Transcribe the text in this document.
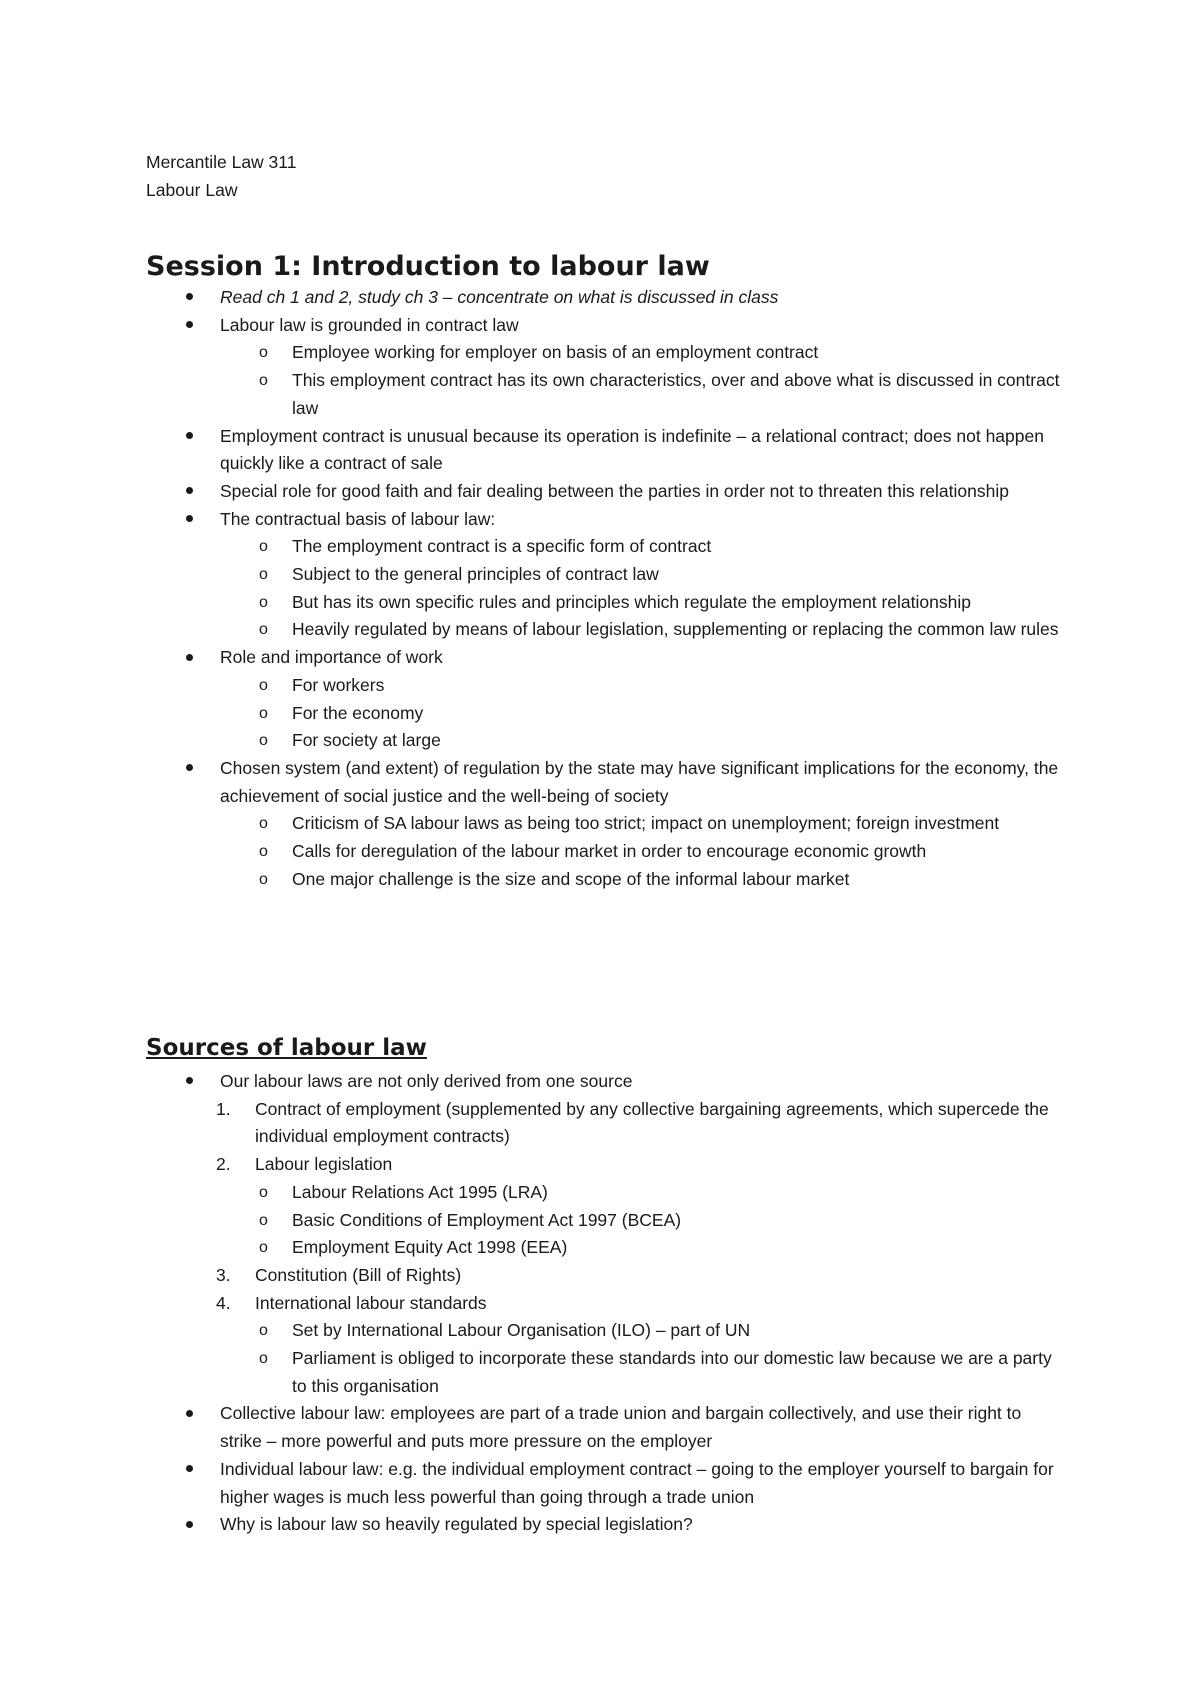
Mercantile Law 311
Labour Law
Session 1: Introduction to labour law
Read ch 1 and 2, study ch 3 – concentrate on what is discussed in class
Labour law is grounded in contract law
o Employee working for employer on basis of an employment contract
o This employment contract has its own characteristics, over and above what is discussed in contract law
Employment contract is unusual because its operation is indefinite – a relational contract; does not happen quickly like a contract of sale
Special role for good faith and fair dealing between the parties in order not to threaten this relationship
The contractual basis of labour law:
o The employment contract is a specific form of contract
o Subject to the general principles of contract law
o But has its own specific rules and principles which regulate the employment relationship
o Heavily regulated by means of labour legislation, supplementing or replacing the common law rules
Role and importance of work
o For workers
o For the economy
o For society at large
Chosen system (and extent) of regulation by the state may have significant implications for the economy, the achievement of social justice and the well-being of society
o Criticism of SA labour laws as being too strict; impact on unemployment; foreign investment
o Calls for deregulation of the labour market in order to encourage economic growth
o One major challenge is the size and scope of the informal labour market
Sources of labour law
Our labour laws are not only derived from one source
1. Contract of employment (supplemented by any collective bargaining agreements, which supercede the individual employment contracts)
2. Labour legislation
o Labour Relations Act 1995 (LRA)
o Basic Conditions of Employment Act 1997 (BCEA)
o Employment Equity Act 1998 (EEA)
3. Constitution (Bill of Rights)
4. International labour standards
o Set by International Labour Organisation (ILO) – part of UN
o Parliament is obliged to incorporate these standards into our domestic law because we are a party to this organisation
Collective labour law: employees are part of a trade union and bargain collectively, and use their right to strike – more powerful and puts more pressure on the employer
Individual labour law: e.g. the individual employment contract – going to the employer yourself to bargain for higher wages is much less powerful than going through a trade union
Why is labour law so heavily regulated by special legislation?
